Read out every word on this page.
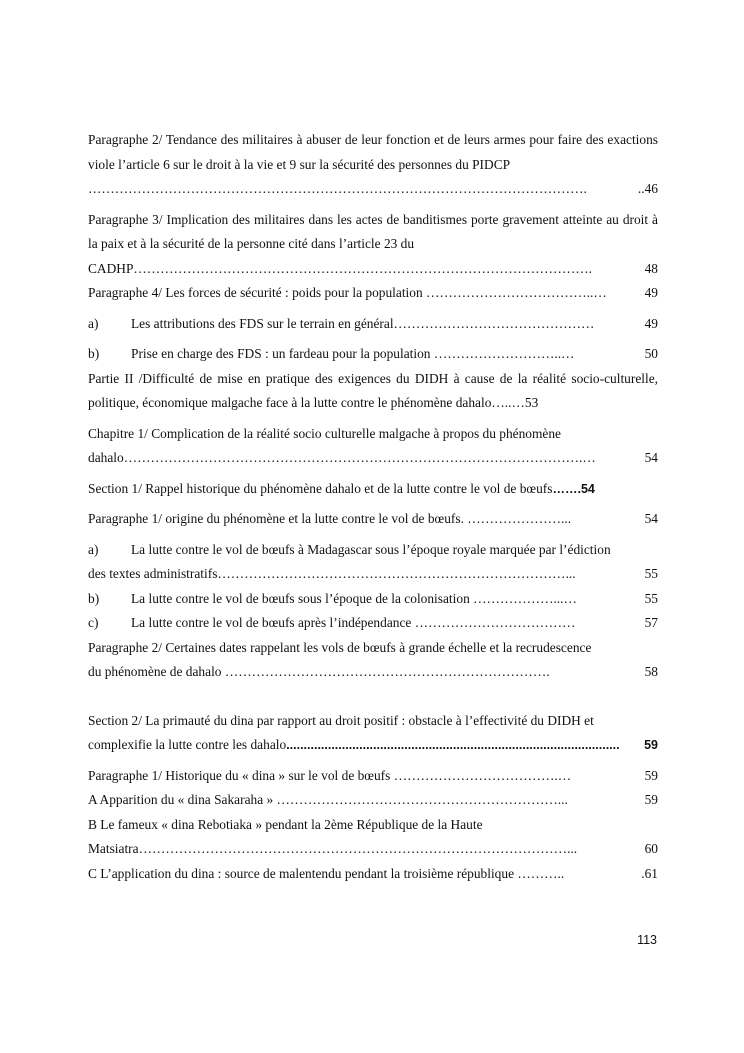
Paragraphe 2/ Tendance des militaires à abuser de leur fonction et de leurs armes pour faire des exactions viole l’article 6 sur le droit à la vie et 9 sur la sécurité des personnes du PIDCP

………………………………………………………………………………………………….	..46

Paragraphe 3/ Implication des militaires dans les actes de banditismes porte gravement atteinte au droit à la paix et à la sécurité de la personne cité dans l’article 23 du

CADHP………………………………………………………………………………………….	48
Paragraphe 4/ Les forces de sécurité : poids pour la population ………………………………..…	49
a)	Les attributions des FDS sur le terrain en général………………………………………	49
b)	Prise en charge des FDS : un fardeau pour la population ………………………..…	50

Partie II /Difficulté de mise en pratique des exigences du DIDH à cause de la réalité socio-culturelle, politique, économique malgache face à la lutte contre le phénomène dahalo…..…53

Chapitre 1/ Complication de la réalité socio culturelle malgache à propos du phénomène

dahalo………………………………………………………………………………………….…	54
Section 1/ Rappel historique du phénomène dahalo et de la lutte contre le vol de bœufs ……. 54
Paragraphe 1/ origine du phénomène et la lutte contre le vol de bœufs. …………………...	54
a)	La lutte contre le vol de bœufs à Madagascar sous l’époque royale marquée par l’édiction
des textes administratifs……………………………………………………………………...	55
b)	La lutte contre le vol de bœufs sous l’époque de la colonisation ………………...…	55
c)	La lutte contre le vol de bœufs après l’indépendance ………………………………	57

Paragraphe 2/ Certaines dates rappelant les vols de bœufs à grande échelle et la recrudescence

du phénomène de dahalo ……………………………………………………………….	58

Section 2/ La primauté du dina par rapport au droit positif : obstacle à l’effectivité du DIDH et

complexifie la lutte contre les dahalo ................................................................................................	59
Paragraphe 1/ Historique du « dina » sur le vol de bœufs ……………………………….…	59
A Apparition du « dina Sakaraha » ………………………………………………………...	59

B Le fameux « dina Rebotiaka » pendant la 2ème République de la Haute

Matsiatra……………………………………………………………………………………...	60
C L’application du dina : source de malentendu pendant la troisième république ………..	.61
113
